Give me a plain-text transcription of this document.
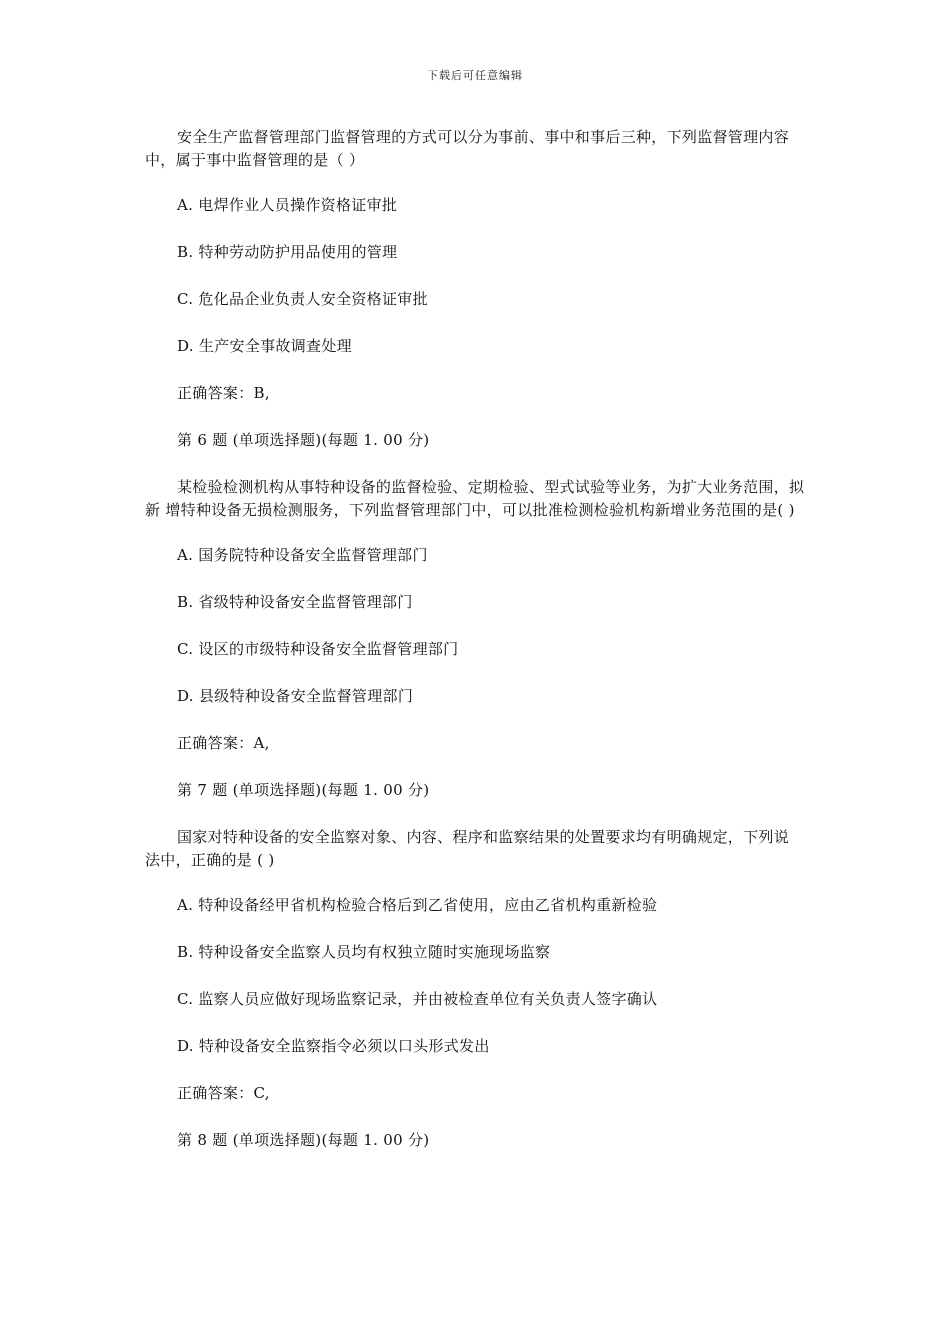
下载后可任意编辑
安全生产监督管理部门监督管理的方式可以分为事前、事中和事后三种，下列监督管理内容 中，属于事中监督管理的是（ ）
A. 电焊作业人员操作资格证审批
B. 特种劳动防护用品使用的管理
C. 危化品企业负责人安全资格证审批
D. 生产安全事故调查处理
正确答案：B,
第 6 题 (单项选择题)(每题 1. 00 分)
某检验检测机构从事特种设备的监督检验、定期检验、型式试验等业务，为扩大业务范围，拟新 增特种设备无损检测服务，下列监督管理部门中，可以批准检测检验机构新增业务范围的是( )
A. 国务院特种设备安全监督管理部门
B. 省级特种设备安全监督管理部门
C. 设区的市级特种设备安全监督管理部门
D. 县级特种设备安全监督管理部门
正确答案：A,
第 7 题 (单项选择题)(每题 1. 00 分)
国家对特种设备的安全监察对象、内容、程序和监察结果的处置要求均有明确规定，下列说 法中，正确的是 ( )
A. 特种设备经甲省机构检验合格后到乙省使用，应由乙省机构重新检验
B. 特种设备安全监察人员均有权独立随时实施现场监察
C. 监察人员应做好现场监察记录，并由被检查单位有关负责人签字确认
D. 特种设备安全监察指令必须以口头形式发出
正确答案：C,
第 8 题 (单项选择题)(每题 1. 00 分)
